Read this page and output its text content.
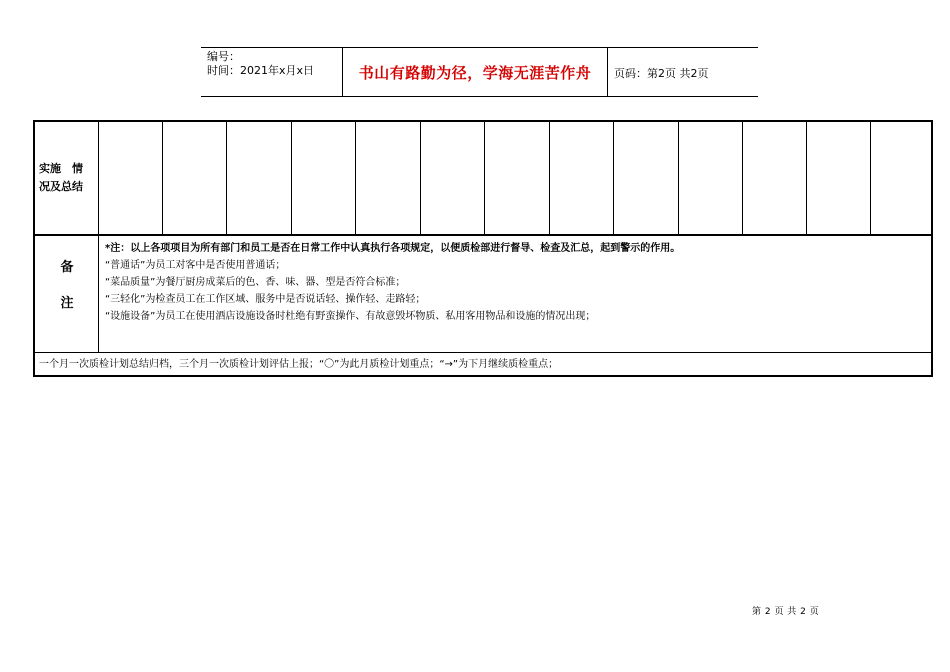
编号：
时间：2021年x月x日	书山有路勤为径，学海无涯苦作舟	页码：第2页 共2页
实施　情
况及总结
备
注
*注：以上各项项目为所有部门和员工是否在日常工作中认真执行各项规定，以便质检部进行督导、检查及汇总，起到警示的作用。
“普通话”为员工对客中是否使用普通话；
“菜品质量”为餐厅厨房成菜后的色、香、味、器、型是否符合标准；
“三轻化”为检查员工在工作区域、服务中是否说话轻、操作轻、走路轻；
“设施设备”为员工在使用酒店设施设备时杜绝有野蛮操作、有故意毁坏物质、私用客用物品和设施的情况出现；
一个月一次质检计划总结归档，三个月一次质检计划评估上报；“〇”为此月质检计划重点；“→”为下月继续质检重点；
第 2 页 共 2 页
